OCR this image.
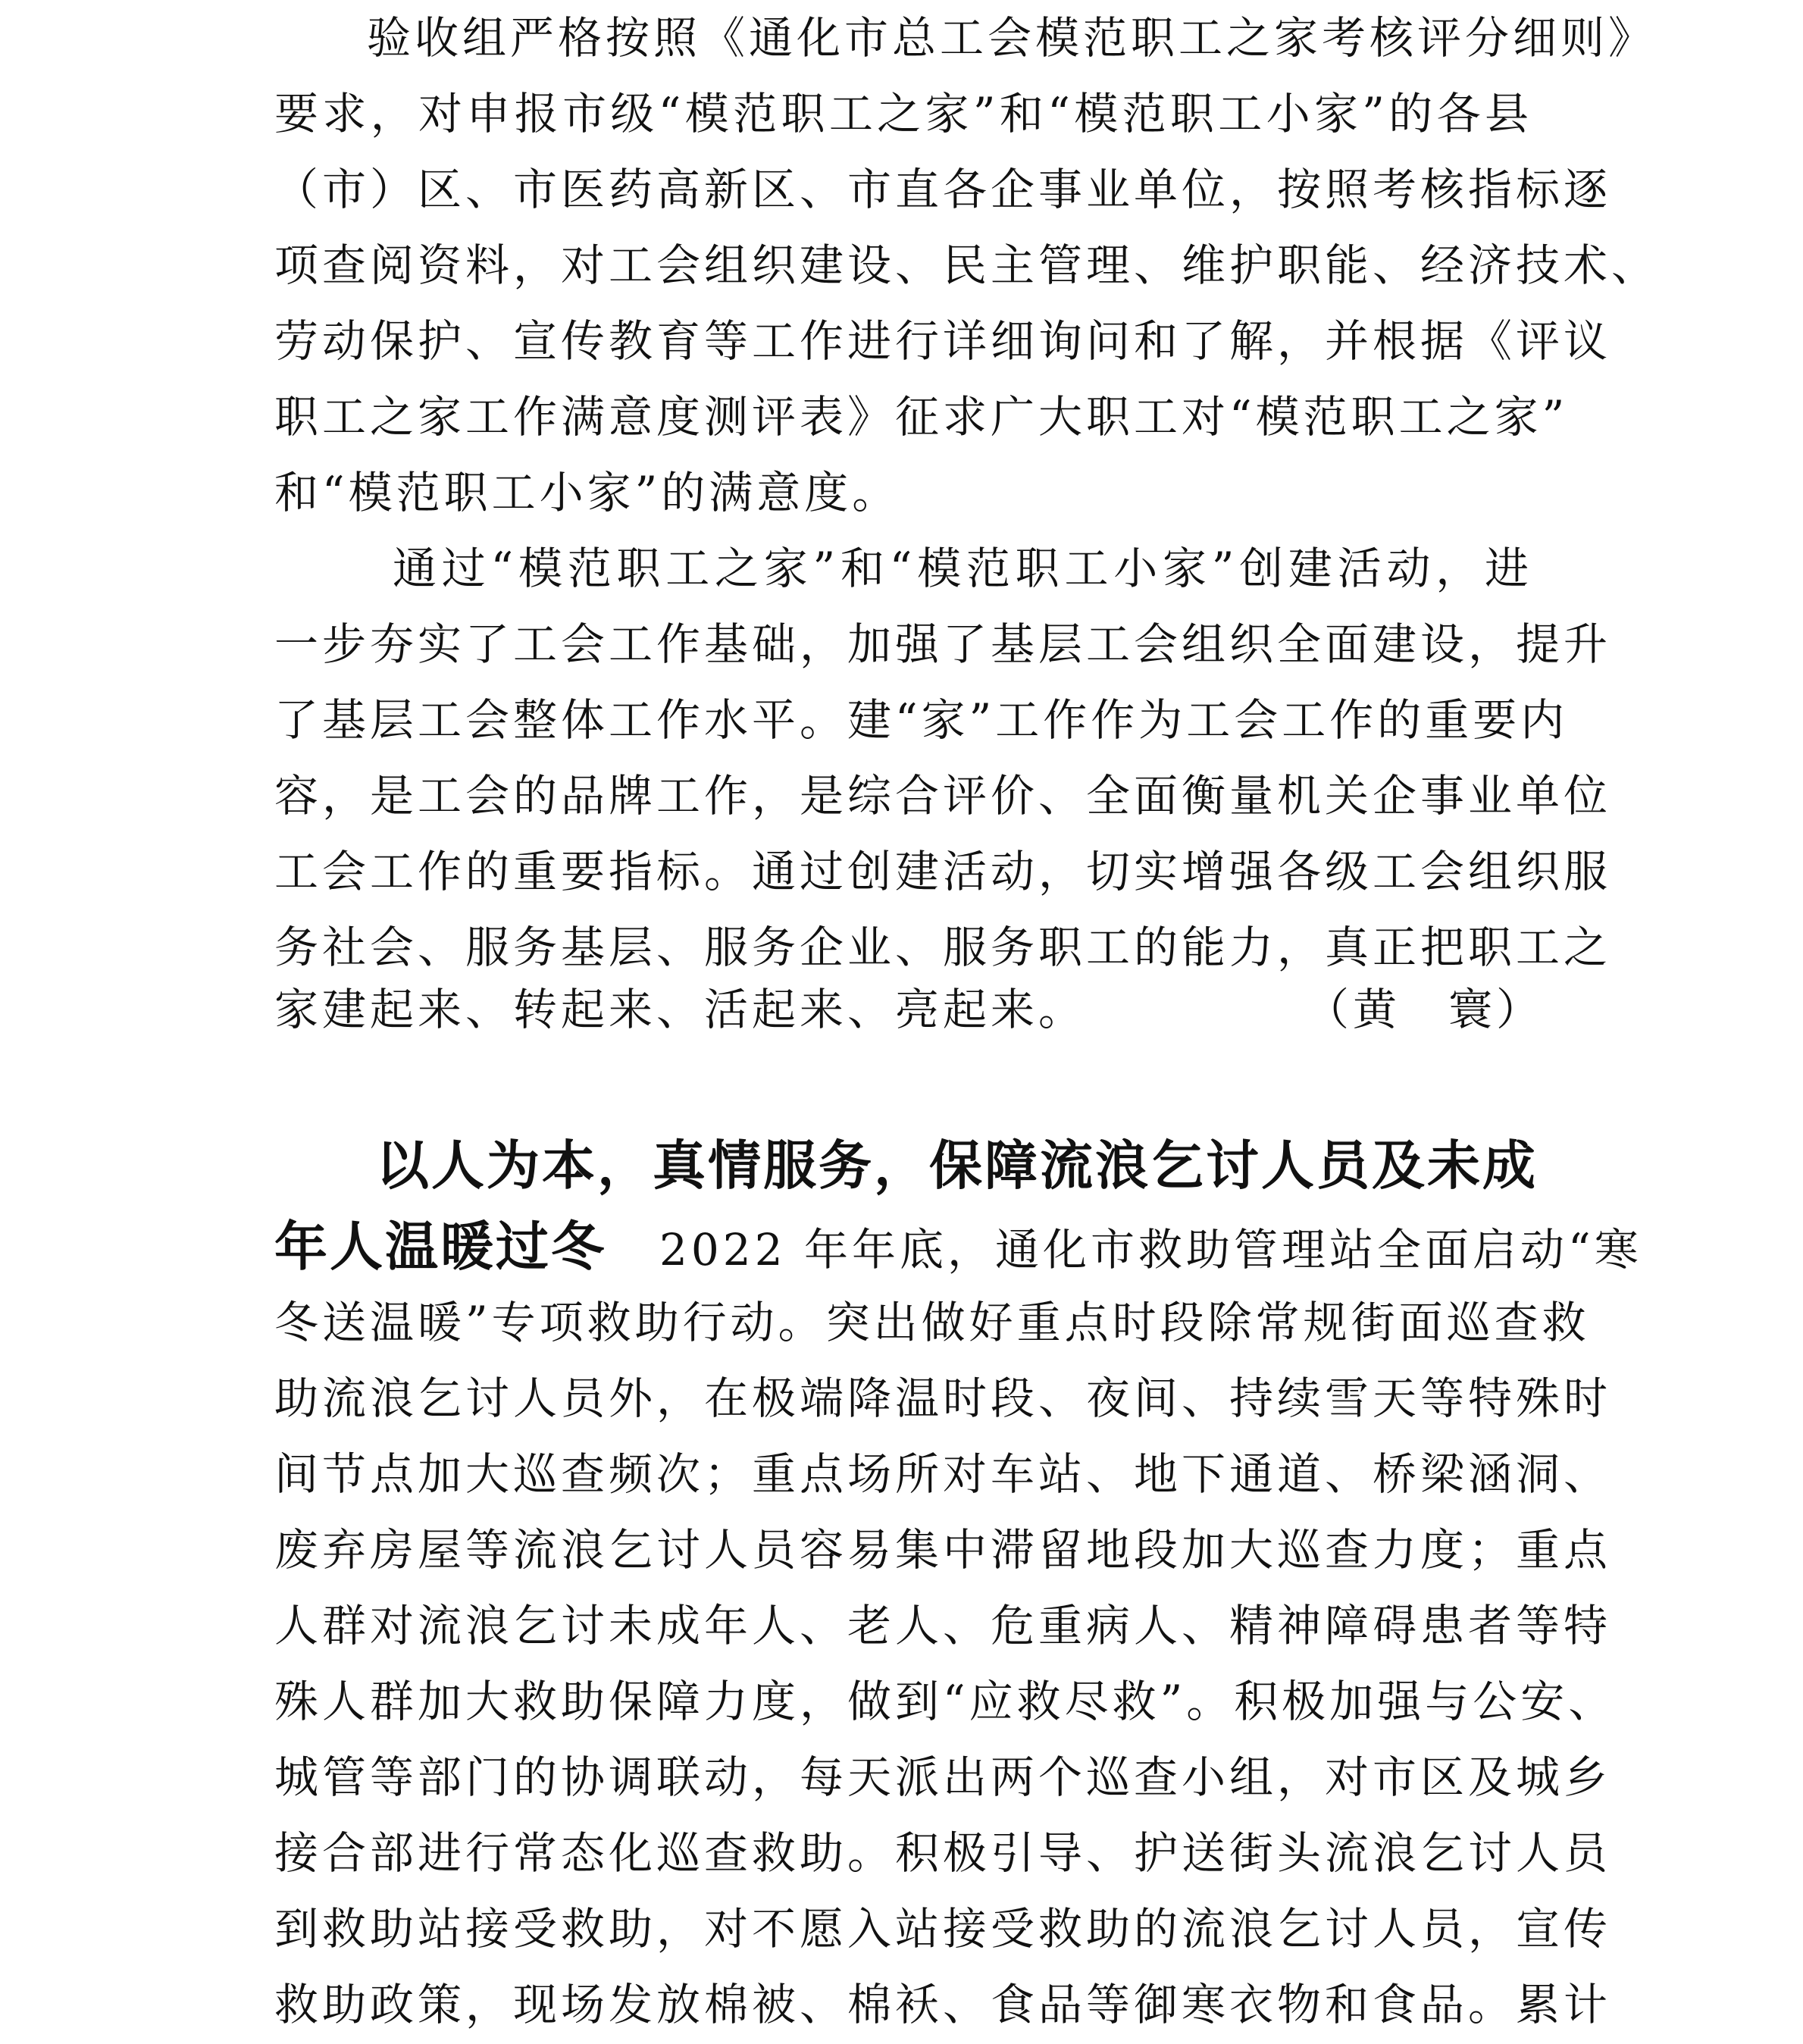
验收组严格按照《通化市总工会模范职工之家考核评分细则》
要求，对申报市级“模范职工之家”和“模范职工小家”的各县
（市）区、市医药高新区、市直各企事业单位，按照考核指标逐
项查阅资料，对工会组织建设、民主管理、维护职能、经济技术、
劳动保护、宣传教育等工作进行详细询问和了解，并根据《评议
职工之家工作满意度测评表》征求广大职工对“模范职工之家”
和“模范职工小家”的满意度。
通过“模范职工之家”和“模范职工小家”创建活动，进
一步夯实了工会工作基础，加强了基层工会组织全面建设，提升
了基层工会整体工作水平。建“家”工作作为工会工作的重要内
容，是工会的品牌工作，是综合评价、全面衡量机关企事业单位
工会工作的重要指标。通过创建活动，切实增强各级工会组织服
务社会、服务基层、服务企业、服务职工的能力，真正把职工之
家建起来、转起来、活起来、亮起来。	（黄　寰）
以人为本，真情服务，保障流浪乞讨人员及未成
年人温暖过冬 2022 年年底，通化市救助管理站全面启动“寒
冬送温暖”专项救助行动。突出做好重点时段除常规街面巡查救
助流浪乞讨人员外，在极端降温时段、夜间、持续雪天等特殊时
间节点加大巡查频次；重点场所对车站、地下通道、桥梁涵洞、
废弃房屋等流浪乞讨人员容易集中滞留地段加大巡查力度；重点
人群对流浪乞讨未成年人、老人、危重病人、精神障碍患者等特
殊人群加大救助保障力度，做到“应救尽救”。积极加强与公安、
城管等部门的协调联动，每天派出两个巡查小组，对市区及城乡
接合部进行常态化巡查救助。积极引导、护送街头流浪乞讨人员
到救助站接受救助，对不愿入站接受救助的流浪乞讨人员，宣传
救助政策，现场发放棉被、棉袄、食品等御寒衣物和食品。累计
